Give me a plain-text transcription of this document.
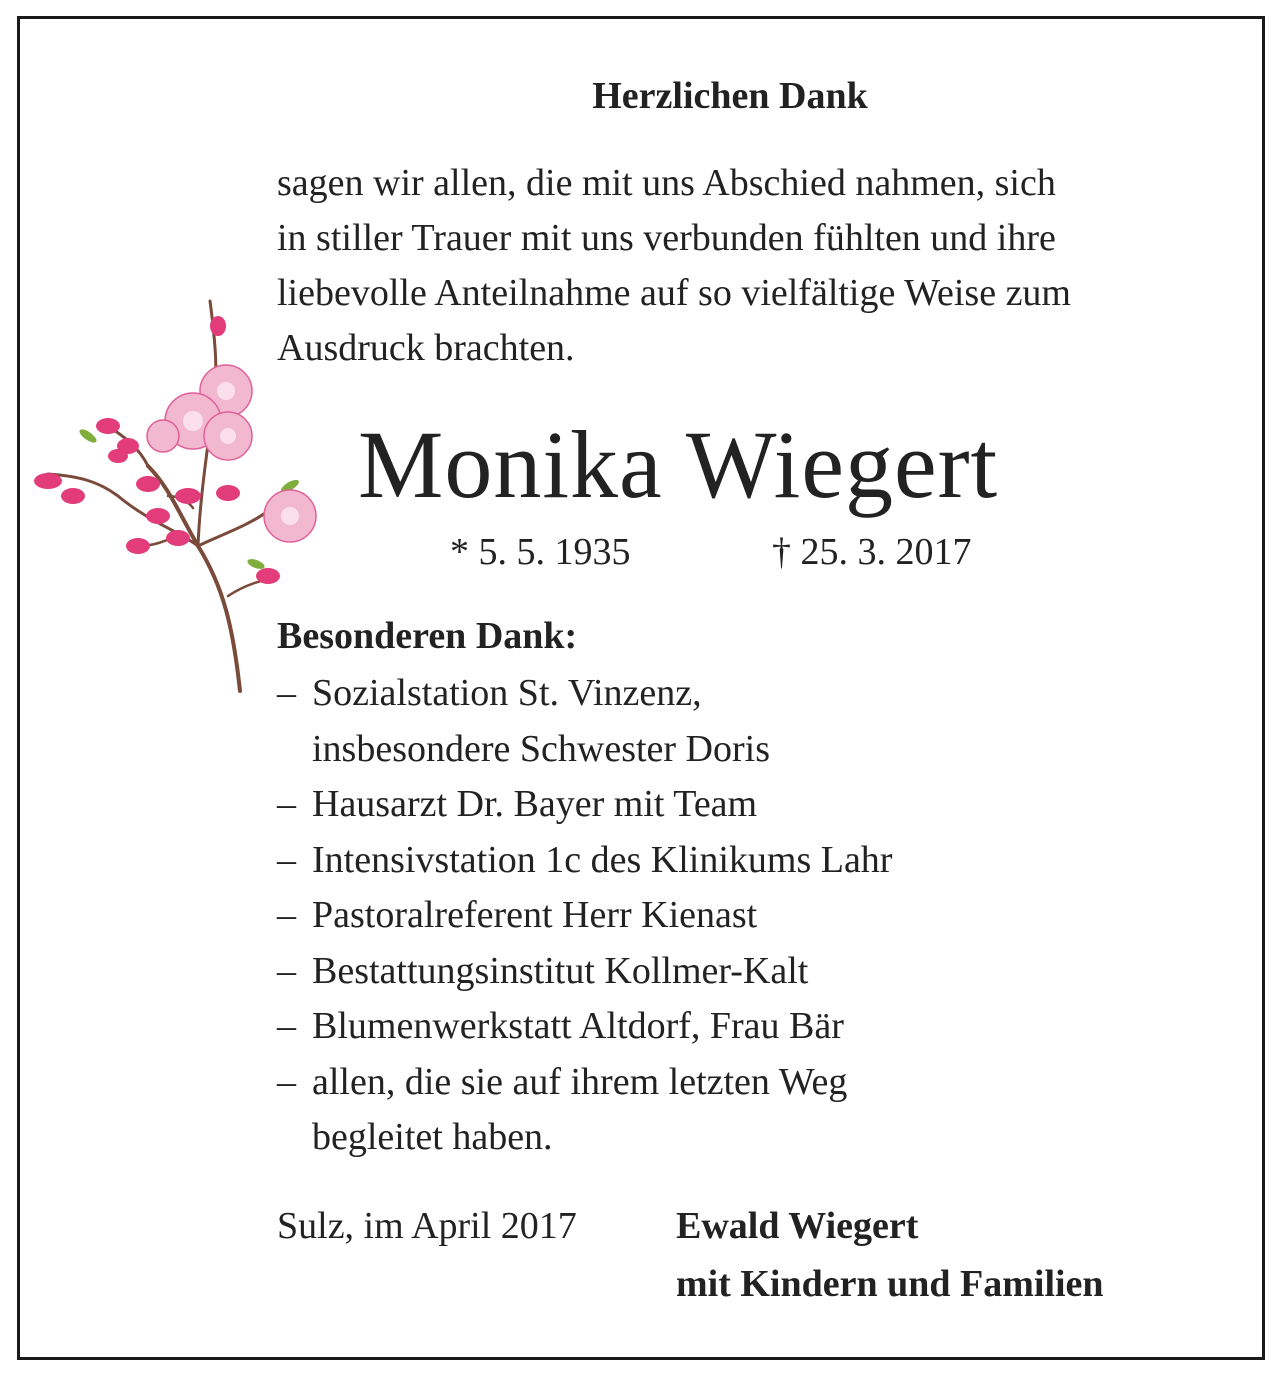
Herzlichen Dank
sagen wir allen, die mit uns Abschied nahmen, sich
in stiller Trauer mit uns verbunden fühlten und ihre
liebevolle Anteilnahme auf so vielfältige Weise zum
Ausdruck brachten.
Monika Wiegert
* 5. 5. 1935	† 25. 3. 2017
Besonderen Dank:
– Sozialstation St. Vinzenz,
insbesondere Schwester Doris
– Hausarzt Dr. Bayer mit Team
– Intensivstation 1c des Klinikums Lahr
– Pastoralreferent Herr Kienast
– Bestattungsinstitut Kollmer-Kalt
– Blumenwerkstatt Altdorf, Frau Bär
– allen, die sie auf ihrem letzten Weg
begleitet haben.
Sulz, im April 2017	Ewald Wiegert
mit Kindern und Familien
